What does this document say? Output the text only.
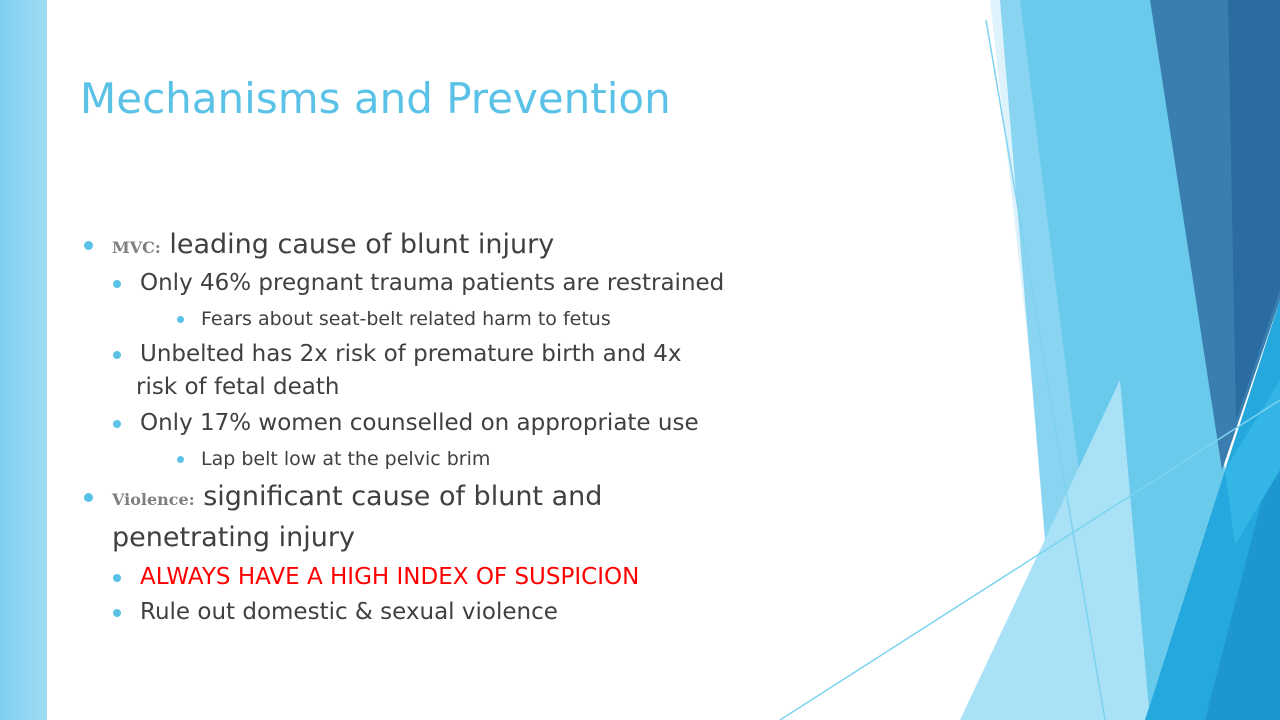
Mechanisms and Prevention
MVC: leading cause of blunt injury
Only 46% pregnant trauma patients are restrained
Fears about seat-belt related harm to fetus
Unbelted has 2x risk of premature birth and 4x
risk of fetal death
Only 17% women counselled on appropriate use
Lap belt low at the pelvic brim
Violence: significant cause of blunt and
penetrating injury
ALWAYS HAVE A HIGH INDEX OF SUSPICION
Rule out domestic & sexual violence
